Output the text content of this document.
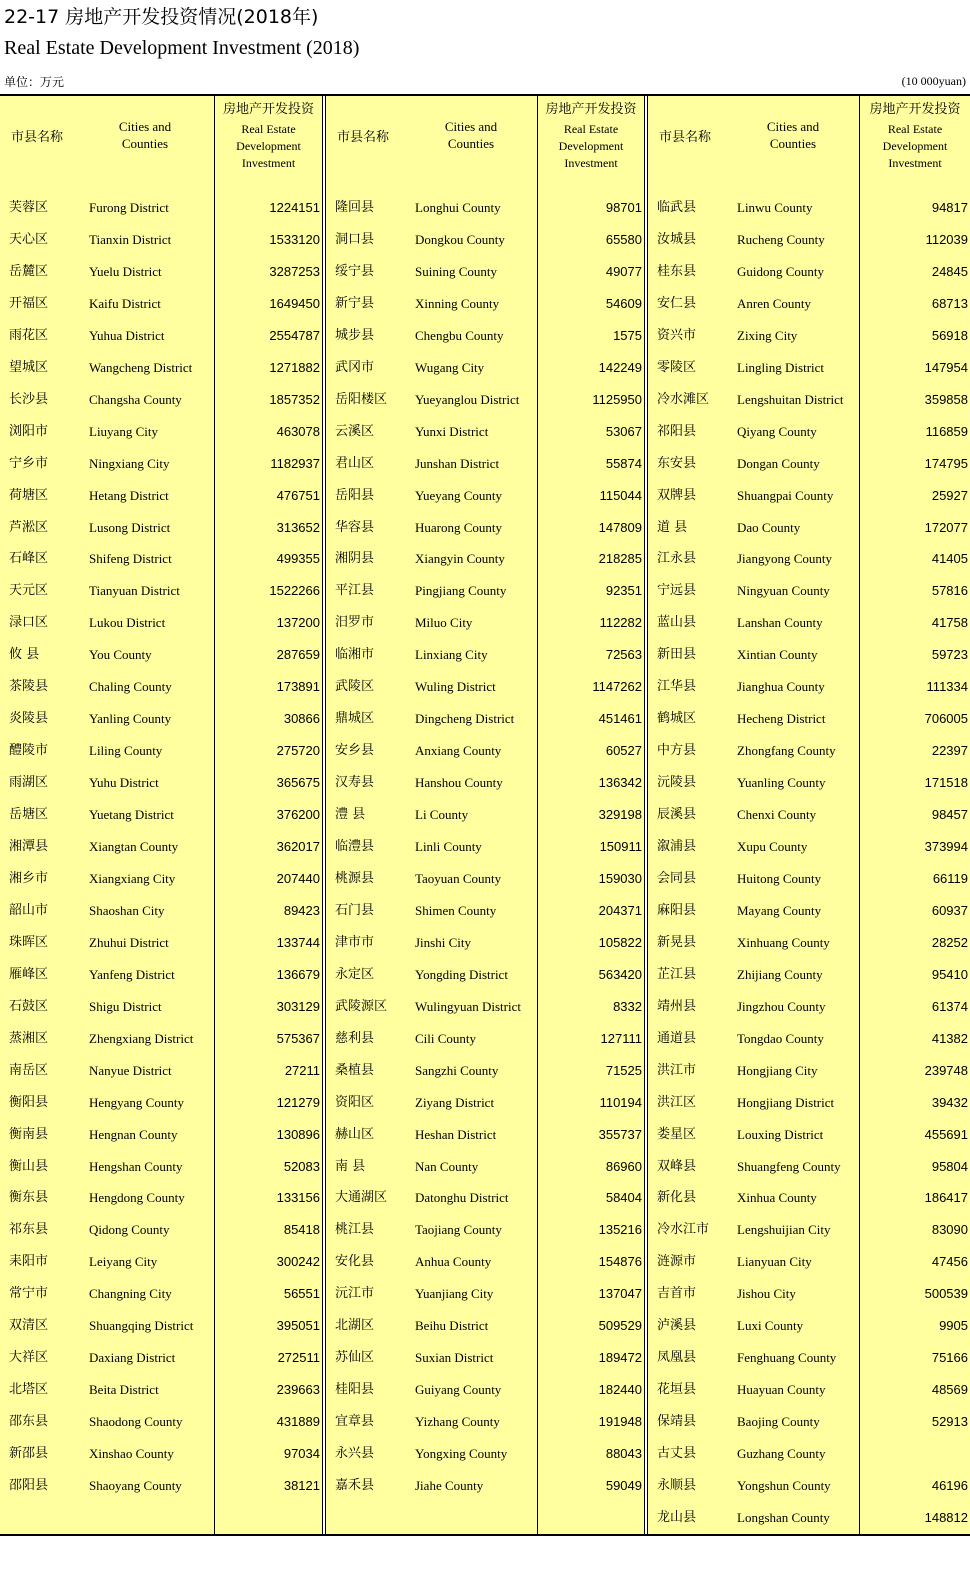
22-17 房地产开发投资情况(2018年)
Real Estate Development Investment (2018)
单位：万元	(10 000yuan)
市县名称
Cities and
Counties
房地产开发投资
Real Estate
Development
Investment
芙蓉区	Furong District	1224151
天心区	Tianxin District	1533120
岳麓区	Yuelu District	3287253
开福区	Kaifu District	1649450
雨花区	Yuhua District	2554787
望城区	Wangcheng District	1271882
长沙县	Changsha County	1857352
浏阳市	Liuyang City	463078
宁乡市	Ningxiang City	1182937
荷塘区	Hetang District	476751
芦淞区	Lusong District	313652
石峰区	Shifeng District	499355
天元区	Tianyuan District	1522266
渌口区	Lukou District	137200
攸 县	You County	287659
茶陵县	Chaling County	173891
炎陵县	Yanling County	30866
醴陵市	Liling County	275720
雨湖区	Yuhu District	365675
岳塘区	Yuetang District	376200
湘潭县	Xiangtan County	362017
湘乡市	Xiangxiang City	207440
韶山市	Shaoshan City	89423
珠晖区	Zhuhui District	133744
雁峰区	Yanfeng District	136679
石鼓区	Shigu District	303129
蒸湘区	Zhengxiang District	575367
南岳区	Nanyue District	27211
衡阳县	Hengyang County	121279
衡南县	Hengnan County	130896
衡山县	Hengshan County	52083
衡东县	Hengdong County	133156
祁东县	Qidong County	85418
耒阳市	Leiyang City	300242
常宁市	Changning City	56551
双清区	Shuangqing District	395051
大祥区	Daxiang District	272511
北塔区	Beita District	239663
邵东县	Shaodong County	431889
新邵县	Xinshao County	97034
邵阳县	Shaoyang County	38121
市县名称
Cities and
Counties
房地产开发投资
Real Estate
Development
Investment
隆回县	Longhui County	98701
洞口县	Dongkou County	65580
绥宁县	Suining County	49077
新宁县	Xinning County	54609
城步县	Chengbu County	1575
武冈市	Wugang City	142249
岳阳楼区 Yueyanglou District	1125950
云溪区	Yunxi District	53067
君山区	Junshan District	55874
岳阳县	Yueyang County	115044
华容县	Huarong County	147809
湘阴县	Xiangyin County	218285
平江县	Pingjiang County	92351
汨罗市	Miluo City	112282
临湘市	Linxiang City	72563
武陵区	Wuling District	1147262
鼎城区	Dingcheng District	451461
安乡县	Anxiang County	60527
汉寿县	Hanshou County	136342
澧 县	Li County	329198
临澧县	Linli County	150911
桃源县	Taoyuan County	159030
石门县	Shimen County	204371
津市市	Jinshi City	105822
永定区	Yongding District	563420
武陵源区 Wulingyuan District	8332
慈利县	Cili County	127111
桑植县	Sangzhi County	71525
资阳区	Ziyang District	110194
赫山区	Heshan District	355737
南 县	Nan County	86960
大通湖区 Datonghu District	58404
桃江县	Taojiang County	135216
安化县	Anhua County	154876
沅江市	Yuanjiang City	137047
北湖区	Beihu District	509529
苏仙区	Suxian District	189472
桂阳县	Guiyang County	182440
宜章县	Yizhang County	191948
永兴县	Yongxing County	88043
嘉禾县	Jiahe County	59049
市县名称
Cities and
Counties
房地产开发投资
Real Estate
Development
Investment
临武县	Linwu County	94817
汝城县	Rucheng County	112039
桂东县	Guidong County	24845
安仁县	Anren County	68713
资兴市	Zixing City	56918
零陵区	Lingling District	147954
冷水滩区 Lengshuitan District	359858
祁阳县	Qiyang County	116859
东安县	Dongan County	174795
双牌县	Shuangpai County	25927
道 县	Dao County	172077
江永县	Jiangyong County	41405
宁远县	Ningyuan County	57816
蓝山县	Lanshan County	41758
新田县	Xintian County	59723
江华县	Jianghua County	111334
鹤城区	Hecheng District	706005
中方县	Zhongfang County	22397
沅陵县	Yuanling County	171518
辰溪县	Chenxi County	98457
溆浦县	Xupu County	373994
会同县	Huitong County	66119
麻阳县	Mayang County	60937
新晃县	Xinhuang County	28252
芷江县	Zhijiang County	95410
靖州县	Jingzhou County	61374
通道县	Tongdao County	41382
洪江市	Hongjiang City	239748
洪江区	Hongjiang District	39432
娄星区	Louxing District	455691
双峰县	Shuangfeng County	95804
新化县	Xinhua County	186417
冷水江市 Lengshuijian City	83090
涟源市	Lianyuan City	47456
吉首市	Jishou City	500539
泸溪县	Luxi County	9905
凤凰县	Fenghuang County	75166
花垣县	Huayuan County	48569
保靖县	Baojing County	52913
古丈县	Guzhang County
永顺县	Yongshun County	46196
龙山县	Longshan County	148812
